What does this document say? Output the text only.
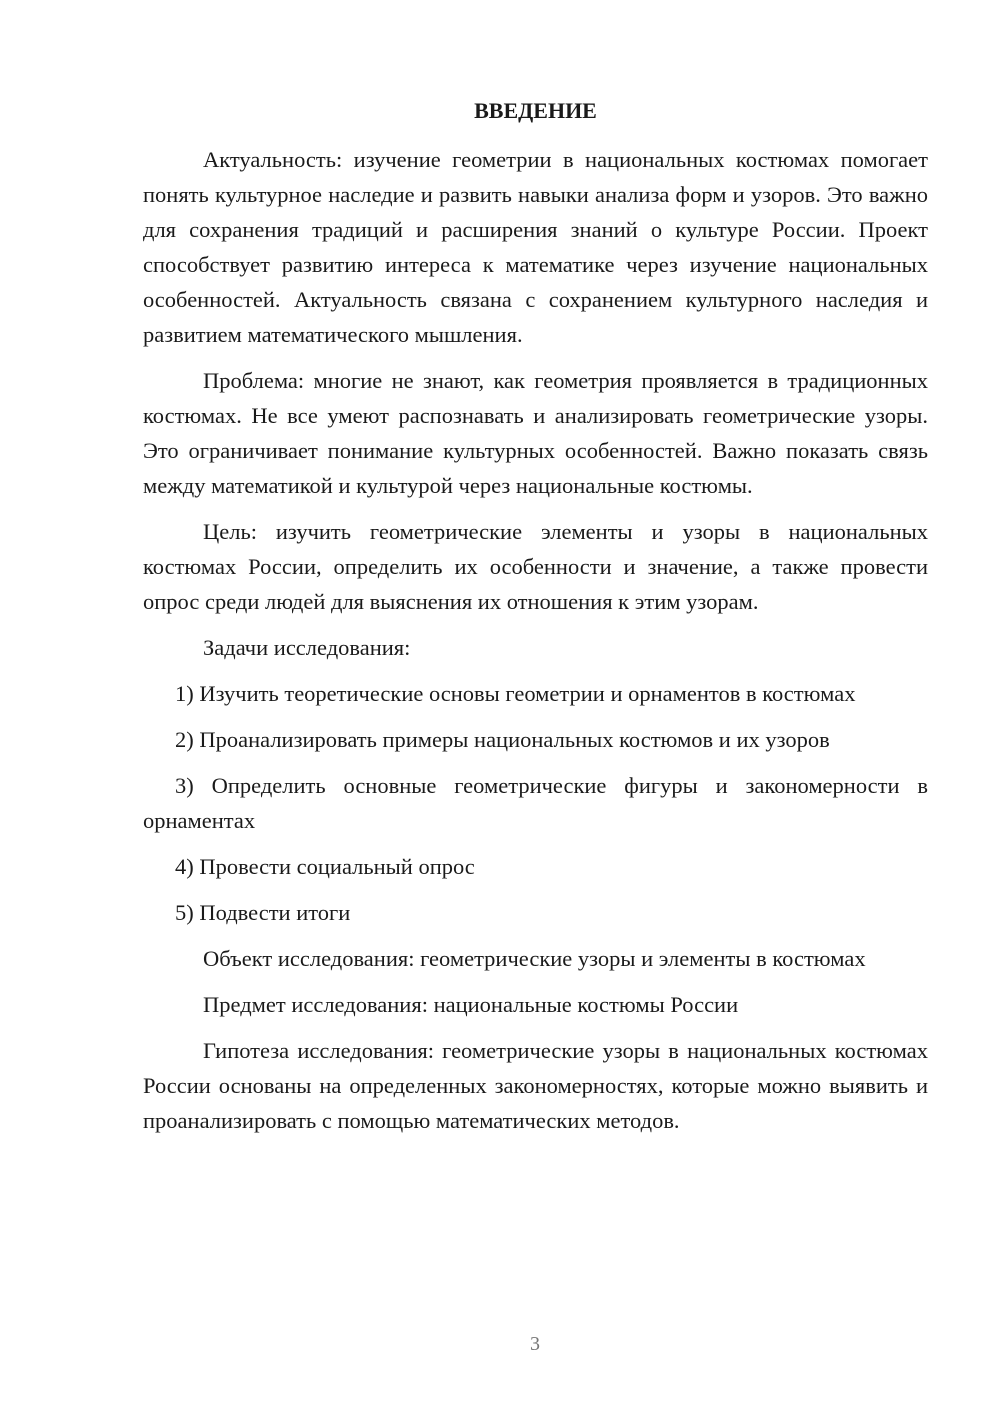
ВВЕДЕНИЕ

Актуальность: изучение геометрии в национальных костюмах помогает понять культурное наследие и развить навыки анализа форм и узоров. Это важно для сохранения традиций и расширения знаний о культуре России. Проект способствует развитию интереса к математике через изучение национальных особенностей. Актуальность связана с сохранением культурного наследия и развитием математического мышления.

Проблема: многие не знают, как геометрия проявляется в традиционных костюмах. Не все умеют распознавать и анализировать геометрические узоры. Это ограничивает понимание культурных особенностей. Важно показать связь между математикой и культурой через национальные костюмы.

Цель: изучить геометрические элементы и узоры в национальных костюмах России, определить их особенности и значение, а также провести опрос среди людей для выяснения их отношения к этим узорам.

Задачи исследования:

1) Изучить теоретические основы геометрии и орнаментов в костюмах

2) Проанализировать примеры национальных костюмов и их узоров

3) Определить основные геометрические фигуры и закономерности в орнаментах

4) Провести социальный опрос

5) Подвести итоги

Объект исследования: геометрические узоры и элементы в костюмах

Предмет исследования: национальные костюмы России

Гипотеза исследования: геометрические узоры в национальных костюмах России основаны на определенных закономерностях, которые можно выявить и проанализировать с помощью математических методов.

3
